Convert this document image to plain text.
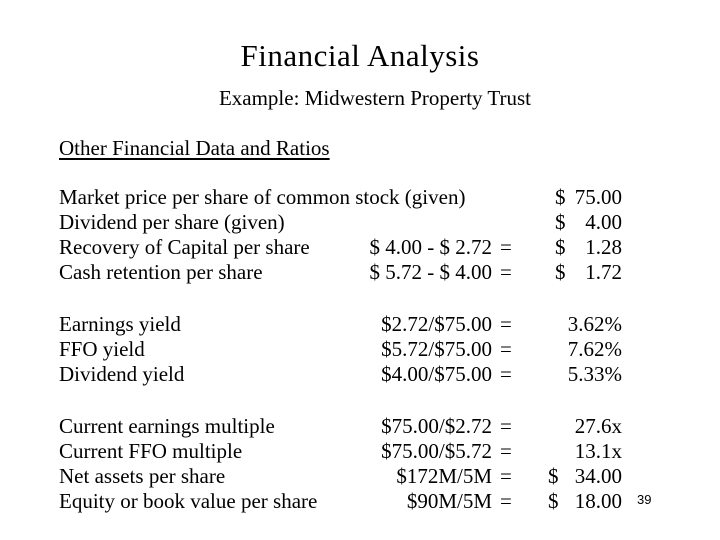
Financial Analysis
Example: Midwestern Property Trust
Other Financial Data and Ratios
Market price per share of common stock (given)	$ 75.00
Dividend per share (given)	$ 4.00
Recovery of Capital per share	$ 4.00 - $ 2.72 = $ 1.28
Cash retention per share	$ 5.72 - $ 4.00 = $ 1.72
Earnings yield	$2.72/$75.00 =	3.62%
FFO yield	$5.72/$75.00 =	7.62%
Dividend yield	$4.00/$75.00 =	5.33%
Current earnings multiple	$75.00/$2.72 =	27.6x
Current FFO multiple	$75.00/$5.72 =	13.1x
Net assets per share	$172M/5M = $ 34.00
Equity or book value per share	$90M/5M = $ 18.00 39
